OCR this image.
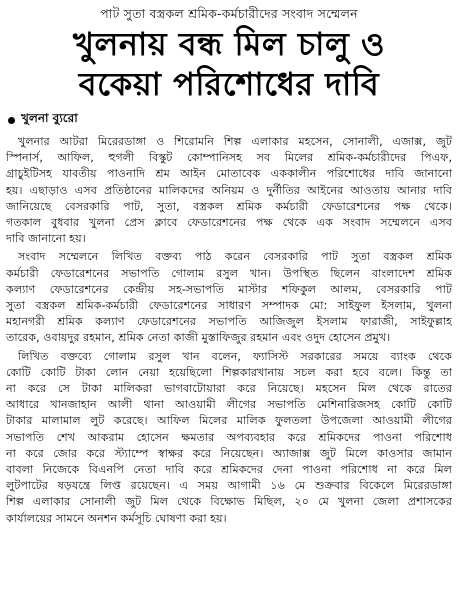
পাট সুতা বস্ত্রকল শ্রমিক-কর্মচারীদের সংবাদ সম্মেলন
খুলনায় বন্ধ মিল চালু ও
বকেয়া পরিশোধের দাবি
খুলনা ব্যুরো
খুলনার আটরা মিরেরডাঙ্গা ও শিরোমনি শিল্প এলাকার মহসেন, সোনালী, এজাক্স, জুট
স্পিনার্স, আফিল, হুগলী বিস্কুট কোম্পানিসহ সব মিলের শ্রমিক-কর্মচারীদের পিএফ,
গ্রাচুইটিসহ যাবতীয় পাওনাদি শ্রম আইন মোতাবেক এককালীন পরিশোধের দাবি জানানো
হয়। এছাড়াও এসব প্রতিষ্ঠানের মালিকদের অনিয়ম ও দুর্নীতির আইনের আওতায় আনার দাবি
জানিয়েছে বেসরকারি পাট, সুতা, বস্ত্রকল শ্রমিক কর্মচারী ফেডারেশনের পক্ষ থেকে।
গতকাল বুধবার খুলনা প্রেস ক্লাবে ফেডারেশনের পক্ষ থেকে এক সংবাদ সম্মেলনে এসব
দাবি জানানো হয়।
সংবাদ সম্মেলনে লিখিত বক্তব্য পাঠ করেন বেসরকারি পাট সুতা বস্ত্রকল শ্রমিক
কর্মচারী ফেডারেশনের সভাপতি গোলাম রসুল খান। উপস্থিত ছিলেন বাংলাদেশ শ্রমিক
কল্যাণ ফেডারেশনের কেন্দ্রীয় সহ-সভাপতি মাস্টার শফিকুল আলম, বেসরকারি পাট
সুতা বস্ত্রকল শ্রমিক-কর্মচারী ফেডারেশনের সাধারণ সম্পাদক মো: সাইফুল ইসলাম, খুলনা
মহানগরী শ্রমিক কল্যাণ ফেডারেশনের সভাপতি আজিজুল ইসলাম ফারাজী, সাইফুল্লাহ
তারেক, ওবায়দুর রহমান, শ্রমিক নেতা কাজী মুস্তাফিজুর রহমান এবং ওদুদ হোসেন প্রমুখ।
লিখিত বক্তব্যে গোলাম রসুল খান বলেন, ফ্যাসিস্ট সরকারের সময়ে ব্যাংক থেকে
কোটি কোটি টাকা লোন নেয়া হয়েছিলো শিল্পকারখানায় সচল করা হবে বলে। কিন্তু তা
না করে সে টাকা মালিকরা ভাগবাটোয়ারা করে নিয়েছে। মহসেন মিল থেকে রাতের
আধারে খানজাহান আলী থানা আওয়ামী লীগের সভাপতি মেশিনারিজসহ কোটি কোটি
টাকার মালামাল লুট করেছে। আফিল মিলের মালিক ফুলতলা উপজেলা আওয়ামী লীগের
সভাপতি শেখ আকরাম হোসেন ক্ষমতার অপব্যবহার করে শ্রমিকদের পাওনা পরিশোধ
না করে জোর করে স্ট্যাম্পে স্বাক্ষর করে নিয়েছেন। অ্যাজাক্স জুট মিলে কাওসার জামান
বাবলা নিজেকে বিএনপি নেতা দাবি করে শ্রমিকদের দেনা পাওনা পরিশোধ না করে মিল
লুটপাটের ষড়যন্ত্রে লিপ্ত রয়েছেন। এ সময় আগামী ১৬ মে শুক্রবার বিকেলে মিরেরডাঙ্গা
শিল্প এলাকার সোনালী জুট মিল থেকে বিক্ষোভ মিছিল, ২০ মে খুলনা জেলা প্রশাসকের
কার্যালয়ের সামনে অনশন কর্মসূচি ঘোষণা করা হয়।
